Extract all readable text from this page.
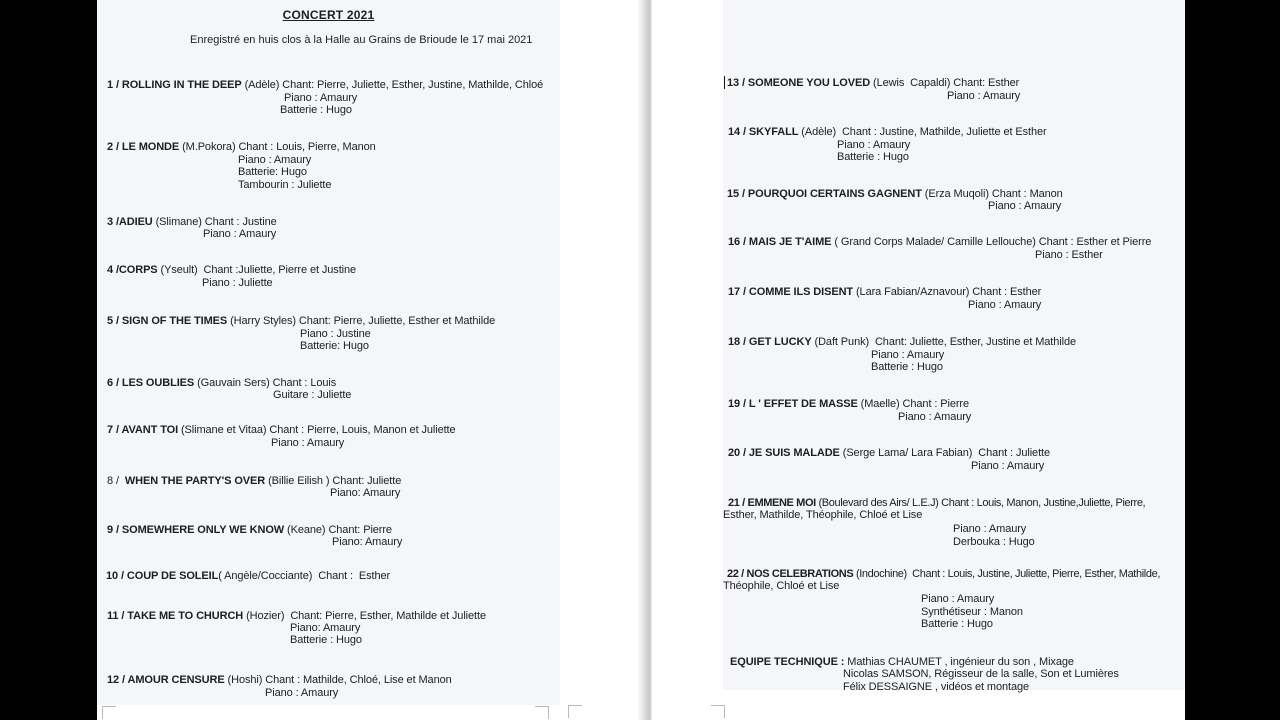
CONCERT 2021
Enregistré en huis clos à la Halle au Grains de Brioude le 17 mai 2021
1 / ROLLING IN THE DEEP (Adèle) Chant: Pierre, Juliette, Esther, Justine, Mathilde, Chloé
Piano : Amaury
Batterie : Hugo
2 / LE MONDE (M.Pokora) Chant : Louis, Pierre, Manon
Piano : Amaury
Batterie: Hugo
Tambourin : Juliette
3 /ADIEU (Slimane) Chant : Justine
Piano : Amaury
4 /CORPS (Yseult)  Chant :Juliette, Pierre et Justine
Piano : Juliette
5 / SIGN OF THE TIMES (Harry Styles) Chant: Pierre, Juliette, Esther et Mathilde
Piano : Justine
Batterie: Hugo
6 / LES OUBLIES (Gauvain Sers) Chant : Louis
Guitare : Juliette
7 / AVANT TOI (Slimane et Vitaa) Chant : Pierre, Louis, Manon et Juliette
Piano : Amaury
8 /  WHEN THE PARTY'S OVER (Billie Eilish ) Chant: Juliette
Piano: Amaury
9 / SOMEWHERE ONLY WE KNOW (Keane) Chant: Pierre
Piano: Amaury
10 / COUP DE SOLEIL( Angèle/Cocciante)  Chant :  Esther
11 / TAKE ME TO CHURCH (Hozier)  Chant: Pierre, Esther, Mathilde et Juliette
Piano: Amaury
Batterie : Hugo
12 / AMOUR CENSURE (Hoshi) Chant : Mathilde, Chloé, Lise et Manon
Piano : Amaury
13 / SOMEONE YOU LOVED (Lewis  Capaldi) Chant: Esther
Piano : Amaury
14 / SKYFALL (Adèle)  Chant : Justine, Mathilde, Juliette et Esther
Piano : Amaury
Batterie : Hugo
15 / POURQUOI CERTAINS GAGNENT (Erza Muqoli) Chant : Manon
Piano : Amaury
16 / MAIS JE T'AIME ( Grand Corps Malade/ Camille Lellouche) Chant : Esther et Pierre
Piano : Esther
17 / COMME ILS DISENT (Lara Fabian/Aznavour) Chant : Esther
Piano : Amaury
18 / GET LUCKY (Daft Punk)  Chant: Juliette, Esther, Justine et Mathilde
Piano : Amaury
Batterie : Hugo
19 / L ' EFFET DE MASSE (Maelle) Chant : Pierre
Piano : Amaury
20 / JE SUIS MALADE (Serge Lama/ Lara Fabian)  Chant : Juliette
Piano : Amaury
21 / EMMENE MOI (Boulevard des Airs/ L.E.J) Chant : Louis, Manon, Justine,Juliette, Pierre,
Esther, Mathilde, Théophile, Chloé et Lise
Piano : Amaury
Derbouka : Hugo
22 / NOS CELEBRATIONS (Indochine)  Chant : Louis, Justine, Juliette, Pierre, Esther, Mathilde,
Théophile, Chloé et Lise
Piano : Amaury
Synthétiseur : Manon
Batterie : Hugo
EQUIPE TECHNIQUE : Mathias CHAUMET , ingénieur du son , Mixage
Nicolas SAMSON, Régisseur de la salle, Son et Lumières
Félix DESSAIGNE , vidéos et montage
